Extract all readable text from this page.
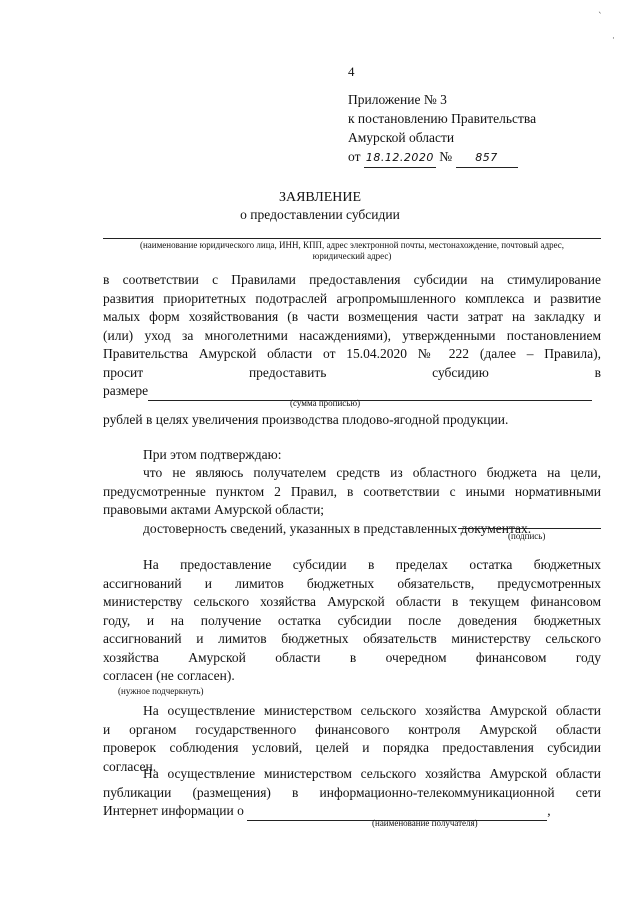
ˋ
·
4
Приложение № 3
к постановлению Правительства
Амурской области
от 18.12.2020 № 857
ЗАЯВЛЕНИЕ
о предоставлении субсидии
(наименование юридического лица, ИНН, КПП, адрес электронной почты, местонахождение, почтовый адрес,
юридический адрес)
в соответствии с Правилами предоставления субсидии на стимулирование
развития приоритетных подотраслей агропромышленного комплекса и развитие
малых форм хозяйствования (в части возмещения части затрат на закладку и
(или) уход за многолетними насаждениями), утвержденными постановлением
Правительства Амурской области от 15.04.2020 № 222 (далее – Правила),
просит	предоставить	субсидию	в
размере
(сумма прописью)
рублей в целях увеличения производства плодово-ягодной продукции.
При этом подтверждаю:
что не являюсь получателем средств из областного бюджета на цели,
предусмотренные пунктом 2 Правил, в соответствии с иными нормативными
правовыми актами Амурской области;
достоверность сведений, указанных в представленных документах.
(подпись)
На предоставление субсидии в пределах остатка бюджетных
ассигнований и лимитов бюджетных обязательств, предусмотренных
министерству сельского хозяйства Амурской области в текущем финансовом
году, и на получение остатка субсидии после доведения бюджетных
ассигнований и лимитов бюджетных обязательств министерству сельского
хозяйства Амурской области в очередном финансовом году
согласен (не согласен).
(нужное подчеркнуть)
На осуществление министерством сельского хозяйства Амурской области
и органом государственного финансового контроля Амурской области
проверок соблюдения условий, целей и порядка предоставления субсидии
согласен.
На осуществление министерством сельского хозяйства Амурской области
публикации (размещения) в информационно-телекоммуникационной сети
Интернет информации о	,
(наименование получателя)
